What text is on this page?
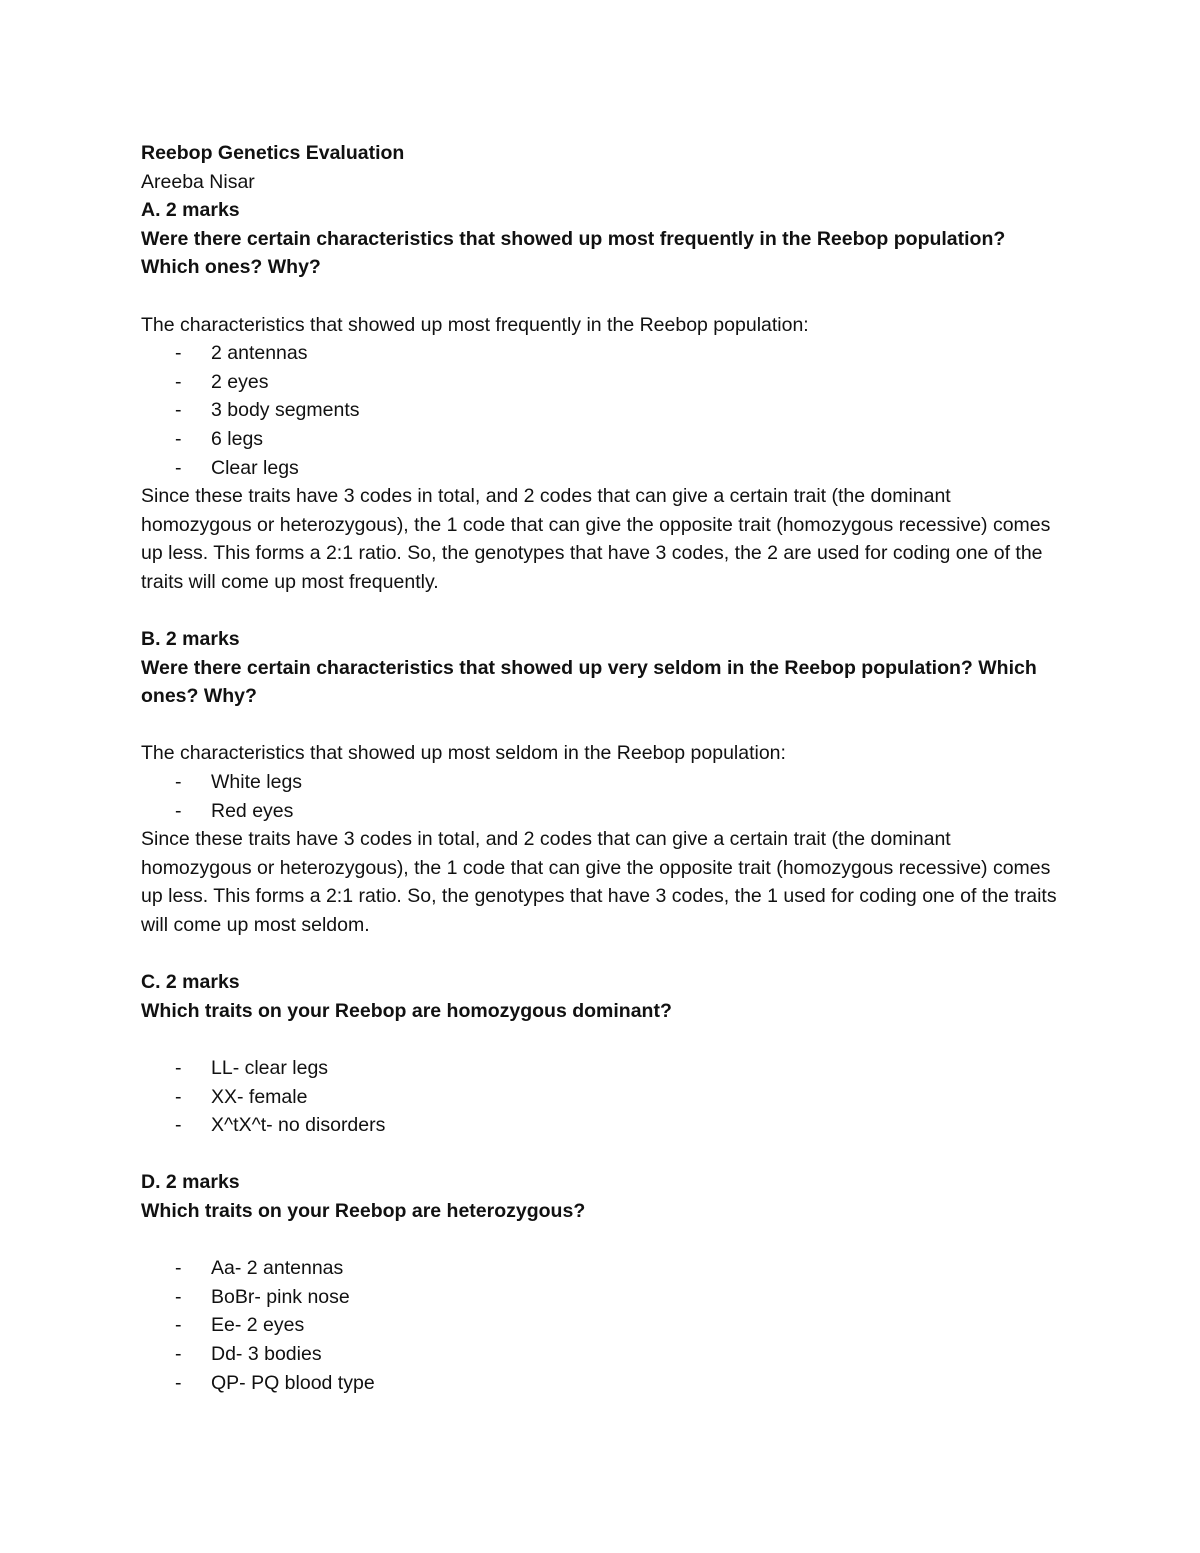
Reebop Genetics Evaluation

Areeba Nisar

A. 2 marks

Were there certain characteristics that showed up most frequently in the Reebop population? Which ones? Why?

The characteristics that showed up most frequently in the Reebop population:

- 2 antennas
- 2 eyes
- 3 body segments
- 6 legs
- Clear legs

Since these traits have 3 codes in total, and 2 codes that can give a certain trait (the dominant homozygous or heterozygous), the 1 code that can give the opposite trait (homozygous recessive) comes up less. This forms a 2:1 ratio. So, the genotypes that have 3 codes, the 2 are used for coding one of the traits will come up most frequently.

B. 2 marks

Were there certain characteristics that showed up very seldom in the Reebop population? Which ones? Why?

The characteristics that showed up most seldom in the Reebop population:

- White legs
- Red eyes

Since these traits have 3 codes in total, and 2 codes that can give a certain trait (the dominant homozygous or heterozygous), the 1 code that can give the opposite trait (homozygous recessive) comes up less. This forms a 2:1 ratio. So, the genotypes that have 3 codes, the 1 used for coding one of the traits will come up most seldom.

C. 2 marks

Which traits on your Reebop are homozygous dominant?

- LL- clear legs
- XX- female
- X^tX^t- no disorders

D. 2 marks

Which traits on your Reebop are heterozygous?

- Aa- 2 antennas
- BoBr- pink nose
- Ee- 2 eyes
- Dd- 3 bodies
- QP- PQ blood type
